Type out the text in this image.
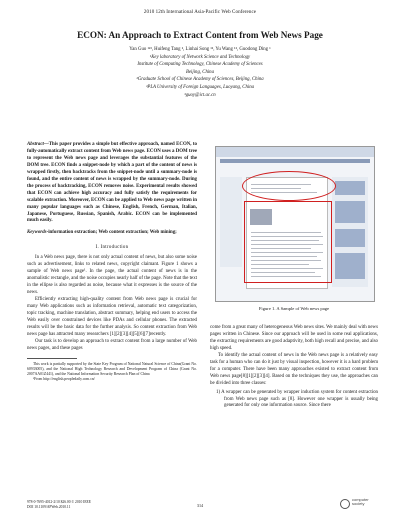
2010 12th International Asia-Pacific Web Conference
ECON: An Approach to Extract Content from Web News Page
Yan Guo ¹²³, Huifeng Tang ², Linhai Song ¹², Yu Wang ¹², Guodong Ding ¹
¹Key laboratory of Network Science and Technology
Institute of Computing Technology, Chinese Academy of Sciences
Beijing, China
²Graduate School of Chinese Academy of Sciences, Beijing, China
³PLA University of Foreign Languages, Luoyang, China
³guoy@ict.ac.cn
Abstract—This paper provides a simple but effective approach, named ECON, to fully-automatically extract content from Web news page. ECON uses a DOM tree to represent the Web news page and leverages the substantial features of the DOM tree. ECON finds a snippet-node by which a part of the content of news is wrapped firstly, then backtracks from the snippet-node until a summary-node is found, and the entire content of news is wrapped by the summary-node. During the process of backtracking, ECON removes noise. Experimental results showed that ECON can achieve high accuracy and fully satisfy the requirements for scalable extraction. Moreover, ECON can be applied to Web news page written in many popular languages such as Chinese, English, French, German, Italian, Japanese, Portuguese, Russian, Spanish, Arabic. ECON can be implemented much easily.
Keywords-information extraction; Web content extraction; Web mining;
I. Introduction

In a Web news page, there is not only actual content of news, but also some noise such as advertisement, links to related news, copyright claimant. Figure 1 shows a sample of Web news page¹. In the page, the actual content of news is in the anomalistic rectangle, and the noise occupies nearly half of the page. Note that the text in the ellipse is also regarded as noise, because what it expresses is the source of the news.

Efficiently extracting high-quality content from Web news page is crucial for many Web applications such as information retrieval, automatic text categorization, topic tracking, machine translation, abstract summary, helping end users to access the Web easily over constrained devices like PDAs and cellular phones. The extracted results will be the basic data for the further analysis. So content extraction from Web news page has attracted many researchers [1][2][3][4][5][6][7]recently.

Our task is to develop an approach to extract content from a large number of Web news pages, and these pages

This work is partially supported by the State Key Program of National Natural Science of China(Grant No. 60933005), and the National High Technology Research and Development Program of China (Grant No. 2007AA01Z441), and the National Information Security Research Plan of China
¹From http://english.peopledaily.com.cn/
Figure 1. A Sample of Web news page

come from a great many of heterogeneous Web news sites. We mainly deal with news pages written in Chinese. Since our approach will be used in some real applications, the extracting requirements are good adaptivity, both high recall and precise, and also high speed.

To identify the actual content of news in the Web news page is a relatively easy task for a human who can do it just by visual inspection, however it is a hard problem for a computer. There have been many approaches existed to extract content from Web news page[8][1][2][3][4]. Based on the techniques they use, the approaches can be divided into three classes:

1) A wrapper can be generated by wrapper induction system for content extraction from Web news page such as [8]. However one wrapper is usually being generated for only one information source. Since there
978-0-7695-4012-2/10 $26.00 © 2010 IEEE
DOI 10.1109/APWeb.2010.11	314
computer
society
